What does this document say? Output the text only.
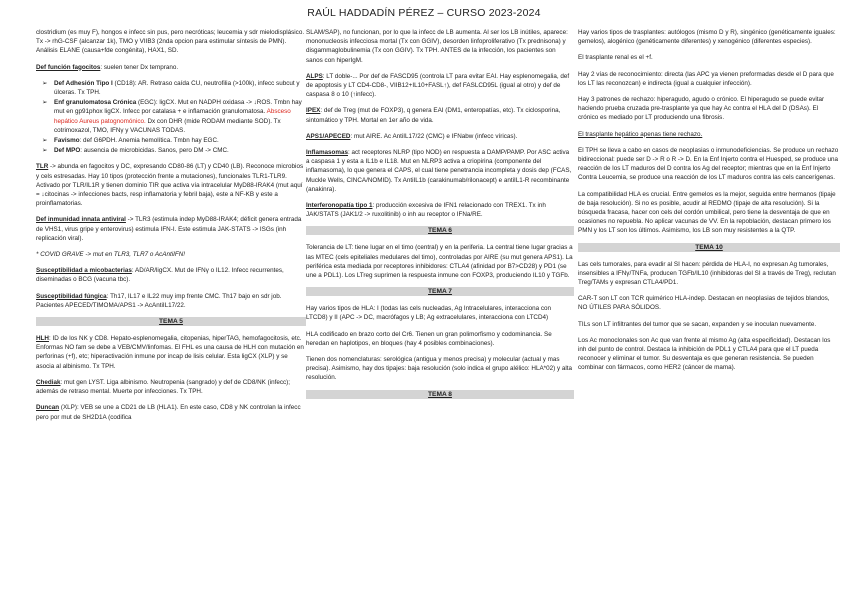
RAÚL HADDADÍN PÉREZ – CURSO 2023-2024

clostridium (es muy F), hongos e infecc sin pus, pero necróticas; leucemia y sdr mielodisplásico. Tx -> rhG-CSF (alcanzar 1k), TMO y VIIB3 (2nda opcion para estimular síntesis de PMN). Análisis ELANE (causa+fde congénita), HAX1, SD.

Def función fagocitos: suelen tener Dx temprano.

➢ Def Adhesión Tipo I (CD18): AR. Retraso caída CU, neutrofilia (>100k), infecc subcut y úlceras. Tx TPH.
➢ Enf granulomatosa Crónica (EGC): ligCX. Mut en NADPH oxidasa -> ↓ROS. Tmbn hay mut en gp91phox ligCX. Infecc por catalasa + e inflamación granulomatosa. Absceso hepático Aureus patognomónico. Dx con DHR (mide RODAM mediante SOD). Tx cotrimoxazol, TMO, IFNγ y VACUNAS TODAS.
➢ Favismo: def G6PDH. Anemia hemolítica. Tmbn hay EGC.
➢ Def MPO: ausencia de microbicidas. Sanos, pero DM -> CMC.

TLR -> abunda en fagocitos y DC, expresando CD80-86 (LT) y CD40 (LB). Reconoce microbios y cels estresadas. Hay 10 tipos (protección frente a mutaciones), funcionales TLR1-TLR9. Activado por TLR/IL1R y tienen dominio TIR que activa vía intracelular MyD88-IRAK4 (mut aquí = ↓citocinas -> infecciones bacts, resp inflamatoria y febril baja), este a NF-KB y este a proinflamatorias.

Def inmunidad innata antiviral -> TLR3 (estimula indep MyD88-IRAK4; déficit genera entrada de VHS1, virus gripe y enterovirus) estimula IFN-I. Este estimula JAK-STATS -> ISGs (inh replicación viral).

* COVID GRAVE -> mut en TLR3, TLR7 o AcAntiIFN!

Susceptibilidad a micobacterias: AD/AR/ligCX. Mut de IFNγ o IL12. Infecc recurrentes, diseminadas o BCG (vacuna tbc).

Susceptibilidad fúngica: Th17, IL17 e IL22 muy imp frente CMC. Th17 bajo en sdr job. Pacientes APECED/TIMOMA/APS1 -> AcAntiIL17/22.

TEMA 5

HLH: ID de los NK y CD8. Hepato-esplenomegalia, citopenias, hiperTAG, hemofagocitosis, etc. Enformas NO fam se debe a VEB/CMV/linfomas. El FHL es una causa de HLH con mutación en perforinas (+f), etc; hiperactivación inmune por incap de lisis celular. Esta ligCX (XLP) y se asocia al albinismo. Tx TPH.

Chediak: mut gen LYST. Liga albinismo. Neutropenia (sangrado) y def de CD8/NK (infecc); además de retraso mental. Muerte por infecciones. Tx TPH.

Duncan (XLP): VEB se une a CD21 de LB (HLA1). En este caso, CD8 y NK controlan la infecc pero por mut de SH2D1A (codifica

SLAM/SAP), no funcionan, por lo que la infecc de LB aumenta. Al ser los LB inútiles, aparece: mononucleosis infecciosa mortal (Tx con GGIV), desorden linfoproliferativo (Tx prednisona) y disgammaglobulinemia (Tx con GGIV). Tx TPH. ANTES de la infección, los pacientes son sanos con hiperIgM.

ALPS: LT doble-... Por def de FASCD95 (controla LT para evitar EAI. Hay esplenomegalia, def de apoptosis y LT CD4-CD8-, VIIB12+IL10+FASL↑), def FASLCD95L (igual al otro) y def de caspasa 8 o 10 (↑infecc).

IPEX: def de Treg (mut de FOXP3), q genera EAI (DM1, enteropatías, etc). Tx ciclosporina, sintomático y TPH. Mortal en 1er año de vida.

APS1/APECED: mut AIRE. Ac AntiIL17/22 (CMC) e IFNabw (infecc víricas).

Inflamasomas: act receptores NLRP (tipo NOD) en respuesta a DAMP/PAMP. Por ASC activa a caspasa 1 y esta a IL1b e IL18. Mut en NLRP3 activa a criopirina (componente del inflamasoma), lo que genera el CAPS, el cual tiene penetrancia incompleta y dosis dep (FCAS, Muckle Wells, CINCA/NOMID). Tx AntiIL1b (carakinumab/rilonacept) e antiIL1-R recombinante (anakinra).

Interferonopatía tipo 1: producción excesiva de IFN1 relacionado con TREX1. Tx inh JAK/STATS (JAK1/2 -> ruxolitinib) o inh au receptor o IFNa/RE.

TEMA 6

Tolerancia de LT: tiene lugar en el timo (central) y en la periferia. La central tiene lugar gracias a las MTEC (cels epiteliales medulares del timo), controladas por AIRE (su mut genera APS1). La periférica esta mediada por receptores inhibidores: CTLA4 (afinidad por B7>CD28) y PD1 (se une a PDL1). Los LTreg suprimen la respuesta inmune con FOXP3, produciendo IL10 y TGFb.

TEMA 7

Hay varios tipos de HLA: I (todas las cels nucleadas, Ag Intracelulares, interacciona con LTCD8) y II (APC -> DC, macrófagos y LB; Ag extracelulares, interacciona con LTCD4)

HLA codificado en brazo corto del Cr6. Tienen un gran polimorfismo y codominancia. Se heredan en haplotipos, en bloques (hay 4 posibles combinaciones).

Tienen dos nomenclaturas: serológica (antigua y menos precisa) y molecular (actual y mas precisa). Asimismo, hay dos tipajes: baja resolución (solo indica el grupo alélico: HLA*02) y alta resolución.

TEMA 8

Hay varios tipos de trasplantes: autólogos (mismo D y R), singénico (genéticamente iguales: gemelos), alogénico (genéticamente diferentes) y xenogénico (diferentes especies).

El trasplante renal es el +f.

Hay 2 vías de reconocimiento: directa (las APC ya vienen preformadas desde el D para que los LT las reconozcan) e indirecta (igual a cualquier infección).

Hay 3 patrones de rechazo: hiperagudo, agudo o crónico. El hiperagudo se puede evitar haciendo prueba cruzada pre-trasplante ya que hay Ac contra el HLA del D (DSAs). El crónico es mediado por LT produciendo una fibrosis.

El trasplante hepático apenas tiene rechazo.

El TPH se lleva a cabo en casos de neoplasias o inmunodeficiencias. Se produce un rechazo bidireccional: puede ser D -> R o R -> D. En la Enf Injerto contra el Huesped, se produce una reacción de los LT maduros del D contra los Ag del receptor; mientras que en la Enf Injerto Contra Leucemia, se produce una reacción de los LT maduros contra las cels cancerígenas.

La compatibilidad HLA es crucial. Entre gemelos es la mejor, seguida entre hermanos (tipaje de baja resolución). Si no es posible, acudir al REDMO (tipaje de alta resolución). Si la búsqueda fracasa, hacer con cels del cordón umbilical, pero tiene la desventaja de que en ocasiones no repuebla. No aplicar vacunas de VV. En la repoblación, destacan primero los PMN y los LT son los últimos. Asimismo, los LB son muy resistentes a la QTP.

TEMA 10

Las cels tumorales, para evadir al SI hacen: pérdida de HLA-I, no expresan Ag tumorales, insensibles a IFNγ/TNFa, producen TGFb/IL10 (inhibidoras del SI a través de Treg), reclutan Treg/TAMs y expresan CTLA4/PD1.

CAR-T son LT con TCR quimérico HLA-indep. Destacan en neoplasias de tejidos blandos, NO ÚTILES PARA SÓLIDOS.

TILs son LT infiltrantes del tumor que se sacan, expanden y se inoculan nuevamente.

Los Ac monoclonales son Ac que van frente al mismo Ag (alta especificidad). Destacan los inh del punto de control. Destaca la inhibición de PDL1 y CTLA4 para que el LT pueda reconocer y eliminar el tumor. Su desventaja es que generan resistencia. Se pueden combinar con fármacos, como HER2 (cáncer de mama).
